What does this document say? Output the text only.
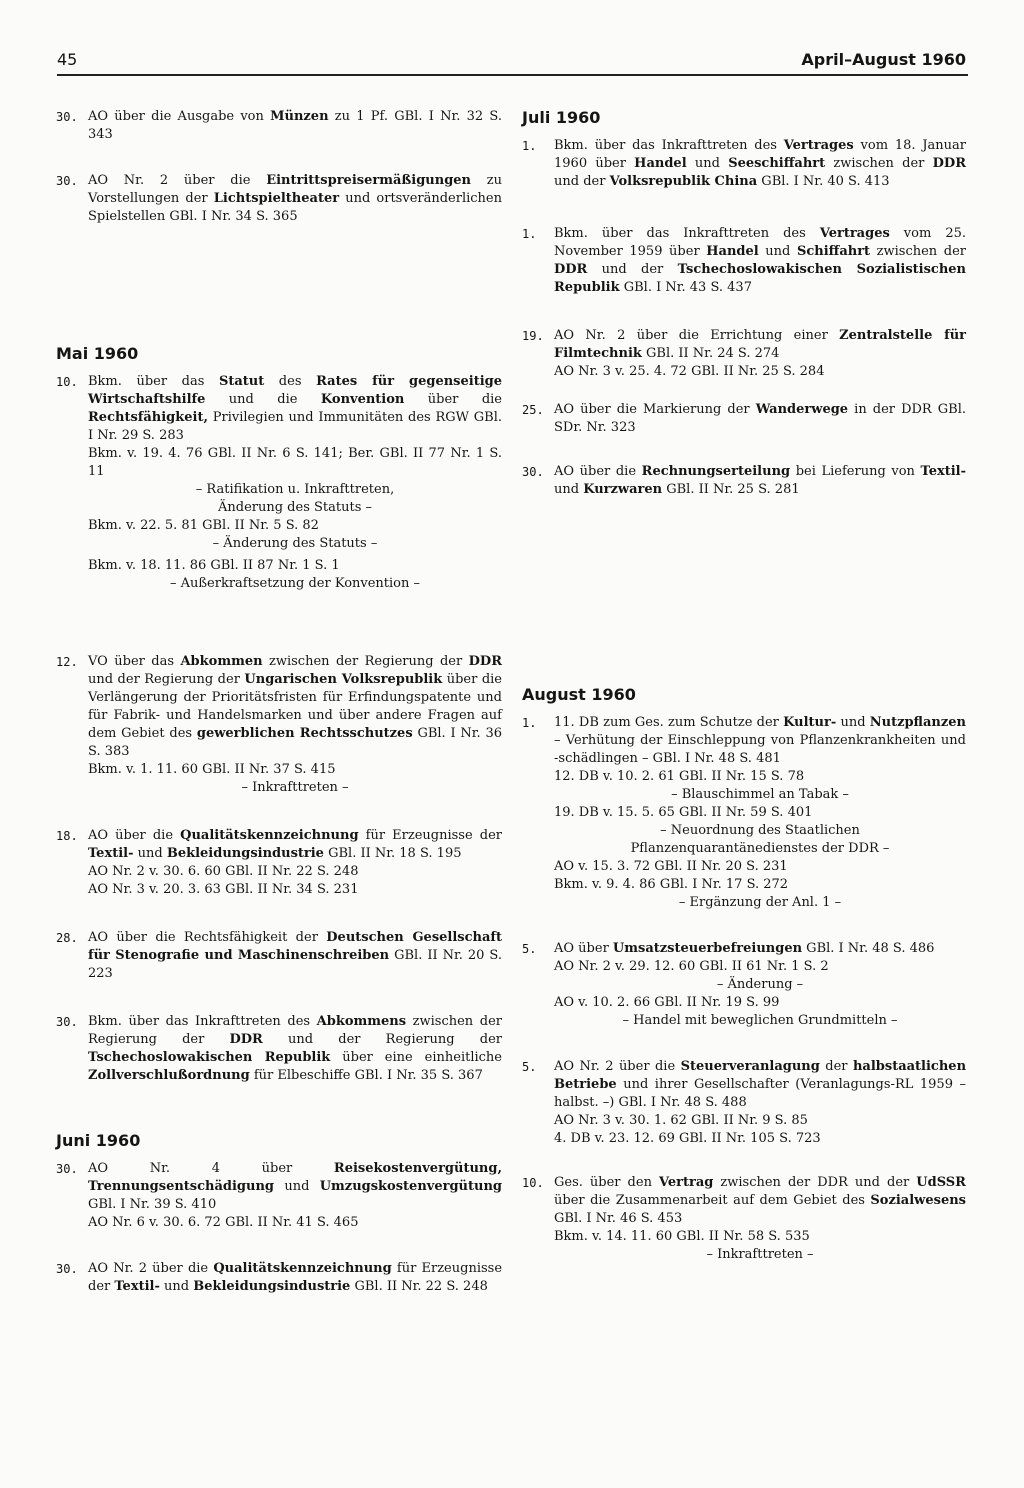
45	April–August 1960
30. AO über die Ausgabe von Münzen zu 1 Pf. GBl. I Nr. 32 S. 343
30. AO Nr. 2 über die Eintrittspreisermäßigungen zu Vorstellungen der Lichtspieltheater und ortsveränderlichen Spielstellen GBl. I Nr. 34 S. 365
Mai 1960
10. Bkm. über das Statut des Rates für gegenseitige Wirtschaftshilfe und die Konvention über die Rechtsfähigkeit, Privilegien und Immunitäten des RGW GBl. I Nr. 29 S. 283
Bkm. v. 19. 4. 76 GBl. II Nr. 6 S. 141; Ber. GBl. II 77 Nr. 1 S. 11
– Ratifikation u. Inkrafttreten,
Änderung des Statuts –
Bkm. v. 22. 5. 81 GBl. II Nr. 5 S. 82
– Änderung des Statuts –
Bkm. v. 18. 11. 86 GBl. II 87 Nr. 1 S. 1
– Außerkraftsetzung der Konvention –
12. VO über das Abkommen zwischen der Regierung der DDR und der Regierung der Ungarischen Volksrepublik über die Verlängerung der Prioritätsfristen für Erfindungspatente und für Fabrik- und Handelsmarken und über andere Fragen auf dem Gebiet des gewerblichen Rechtsschutzes GBl. I Nr. 36 S. 383
Bkm. v. 1. 11. 60 GBl. II Nr. 37 S. 415
– Inkrafttreten –
18. AO über die Qualitätskennzeichnung für Erzeugnisse der Textil- und Bekleidungsindustrie GBl. II Nr. 18 S. 195
AO Nr. 2 v. 30. 6. 60 GBl. II Nr. 22 S. 248
AO Nr. 3 v. 20. 3. 63 GBl. II Nr. 34 S. 231
28. AO über die Rechtsfähigkeit der Deutschen Gesellschaft für Stenografie und Maschinenschreiben GBl. II Nr. 20 S. 223
30. Bkm. über das Inkrafttreten des Abkommens zwischen der Regierung der DDR und der Regierung der Tschechoslowakischen Republik über eine einheitliche Zollverschlußordnung für Elbeschiffe GBl. I Nr. 35 S. 367
Juni 1960
30. AO Nr. 4 über Reisekostenvergütung, Trennungsentschädigung und Umzugskostenvergütung GBl. I Nr. 39 S. 410
AO Nr. 6 v. 30. 6. 72 GBl. II Nr. 41 S. 465
30. AO Nr. 2 über die Qualitätskennzeichnung für Erzeugnisse der Textil- und Bekleidungsindustrie GBl. II Nr. 22 S. 248
Juli 1960
1.	Bkm. über das Inkrafttreten des Vertrages vom 18. Januar 1960 über Handel und Seeschiffahrt zwischen der DDR und der Volksrepublik China GBl. I Nr. 40 S. 413
1.	Bkm. über das Inkrafttreten des Vertrages vom 25. November 1959 über Handel und Schiffahrt zwischen der DDR und der Tschechoslowakischen Sozialistischen Republik GBl. I Nr. 43 S. 437
19. AO Nr. 2 über die Errichtung einer Zentralstelle für Filmtechnik GBl. II Nr. 24 S. 274
AO Nr. 3 v. 25. 4. 72 GBl. II Nr. 25 S. 284
25. AO über die Markierung der Wanderwege in der DDR GBl. SDr. Nr. 323
30. AO über die Rechnungserteilung bei Lieferung von Textil- und Kurzwaren GBl. II Nr. 25 S. 281
August 1960
1.	11. DB zum Ges. zum Schutze der Kultur- und Nutzpflanzen – Verhütung der Einschleppung von Pflanzenkrankheiten und -schädlingen – GBl. I Nr. 48 S. 481
12. DB v. 10. 2. 61 GBl. II Nr. 15 S. 78
– Blauschimmel an Tabak –
19. DB v. 15. 5. 65 GBl. II Nr. 59 S. 401
– Neuordnung des Staatlichen
Pflanzenquarantänedienstes der DDR –
AO v. 15. 3. 72 GBl. II Nr. 20 S. 231
Bkm. v. 9. 4. 86 GBl. I Nr. 17 S. 272
– Ergänzung der Anl. 1 –
5.	AO über Umsatzsteuerbefreiungen GBl. I Nr. 48 S. 486
AO Nr. 2 v. 29. 12. 60 GBl. II 61 Nr. 1 S. 2
– Änderung –
AO v. 10. 2. 66 GBl. II Nr. 19 S. 99
– Handel mit beweglichen Grundmitteln –
5.	AO Nr. 2 über die Steuerveranlagung der halbstaatlichen Betriebe und ihrer Gesellschafter (Veranlagungs-RL 1959 – halbst. –) GBl. I Nr. 48 S. 488
AO Nr. 3 v. 30. 1. 62 GBl. II Nr. 9 S. 85
4. DB v. 23. 12. 69 GBl. II Nr. 105 S. 723
10. Ges. über den Vertrag zwischen der DDR und der UdSSR über die Zusammenarbeit auf dem Gebiet des Sozialwesens GBl. I Nr. 46 S. 453
Bkm. v. 14. 11. 60 GBl. II Nr. 58 S. 535
– Inkrafttreten –
